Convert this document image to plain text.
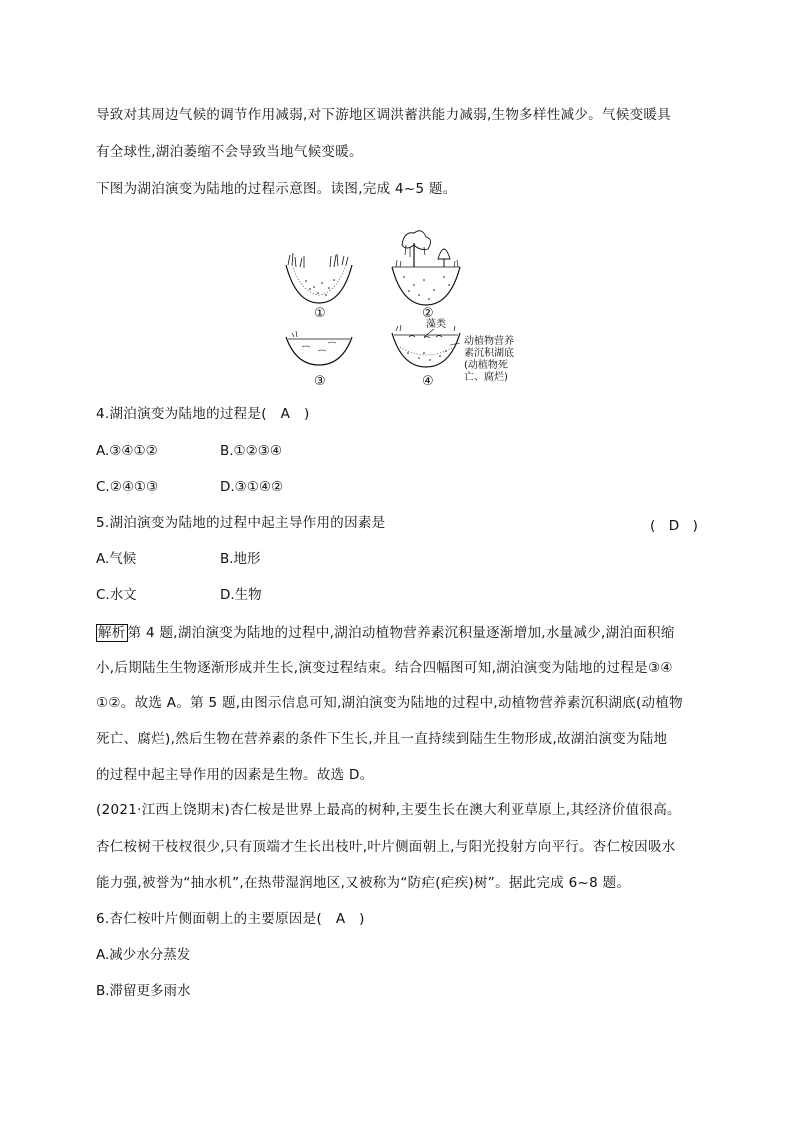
导致对其周边气候的调节作用减弱,对下游地区调洪蓄洪能力减弱,生物多样性减少。气候变暖具
有全球性,湖泊萎缩不会导致当地气候变暖。
下图为湖泊演变为陆地的过程示意图。读图,完成 4~5 题。
①	②
③
藻类
动植物营养
素沉积湖底
(动植物死
亡、腐烂)
④
4.湖泊演变为陆地的过程是(　A　)
A.③④①②	B.①②③④
C.②④①③	D.③①④②
5.湖泊演变为陆地的过程中起主导作用的因素是	(　D　)
A.气候	B.地形
C.水文	D.生物
解析 第 4 题,湖泊演变为陆地的过程中,湖泊动植物营养素沉积量逐渐增加,水量减少,湖泊面积缩
小,后期陆生生物逐渐形成并生长,演变过程结束。结合四幅图可知,湖泊演变为陆地的过程是③④
①②。故选 A。第 5 题,由图示信息可知,湖泊演变为陆地的过程中,动植物营养素沉积湖底(动植物
死亡、腐烂),然后生物在营养素的条件下生长,并且一直持续到陆生生物形成,故湖泊演变为陆地
的过程中起主导作用的因素是生物。故选 D。
(2021·江西上饶期末)杏仁桉是世界上最高的树种,主要生长在澳大利亚草原上,其经济价值很高。
杏仁桉树干枝杈很少,只有顶端才生长出枝叶,叶片侧面朝上,与阳光投射方向平行。杏仁桉因吸水
能力强,被誉为“抽水机”,在热带湿润地区,又被称为“防疟(疟疾)树”。据此完成 6~8 题。
6.杏仁桉叶片侧面朝上的主要原因是(　A　)
A.减少水分蒸发
B.滞留更多雨水
